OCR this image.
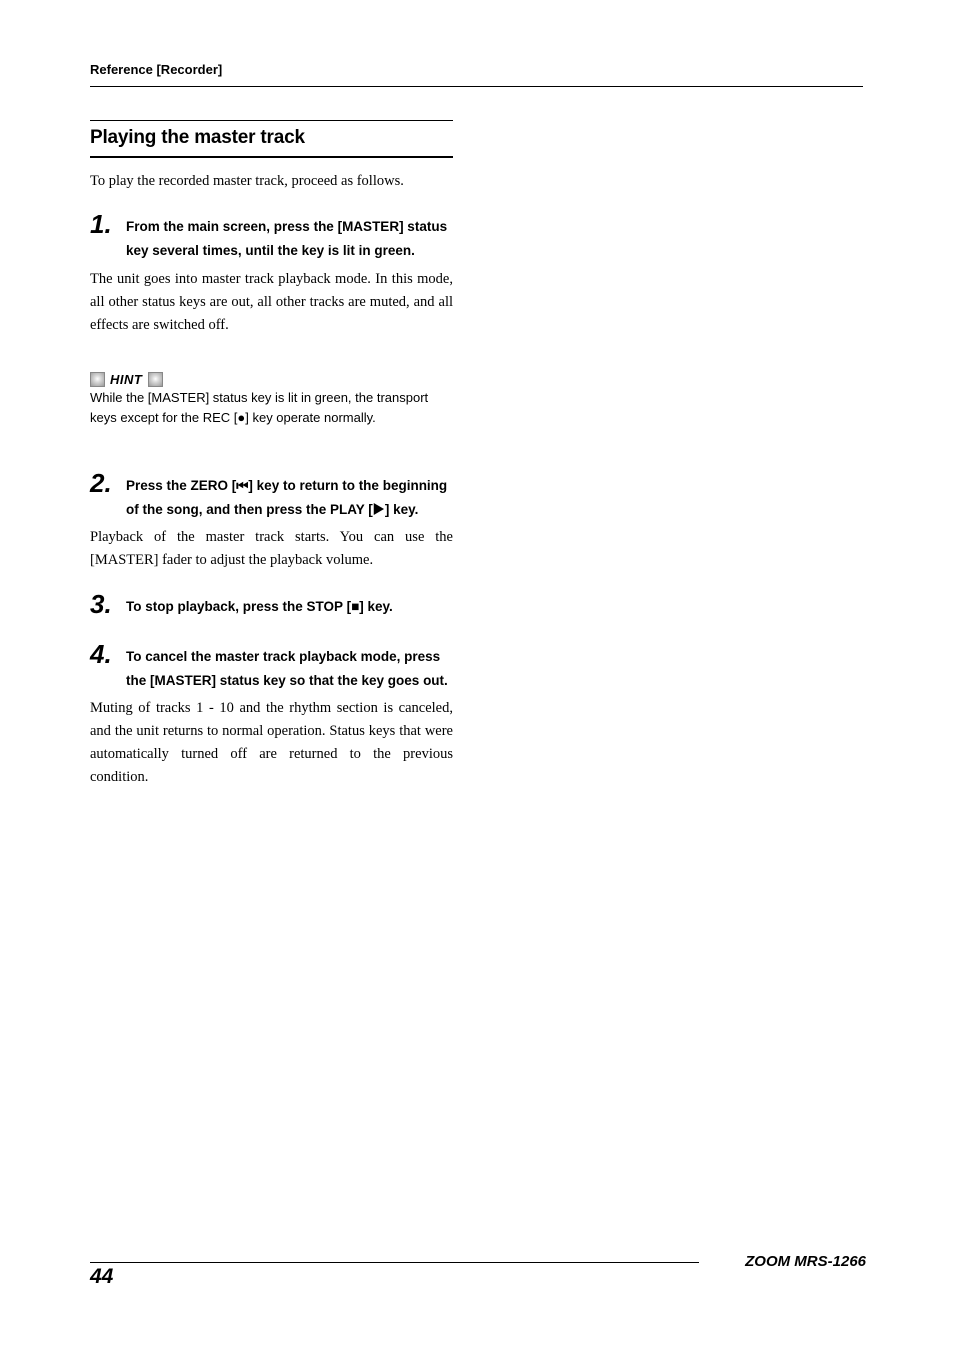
Reference [Recorder]
Playing the master track
To play the recorded master track, proceed as follows.
1. From the main screen, press the [MASTER] status key several times, until the key is lit in green.
The unit goes into master track playback mode. In this mode, all other status keys are out, all other tracks are muted, and all effects are switched off.
HINT
While the [MASTER] status key is lit in green, the transport keys except for the REC [●] key operate normally.
2. Press the ZERO [⏮] key to return to the beginning of the song, and then press the PLAY [▶] key.
Playback of the master track starts. You can use the [MASTER] fader to adjust the playback volume.
3. To stop playback, press the STOP [■] key.
4. To cancel the master track playback mode, press the [MASTER] status key so that the key goes out.
Muting of tracks 1 - 10 and the rhythm section is canceled, and the unit returns to normal operation. Status keys that were automatically turned off are returned to the previous condition.
44
ZOOM MRS-1266
